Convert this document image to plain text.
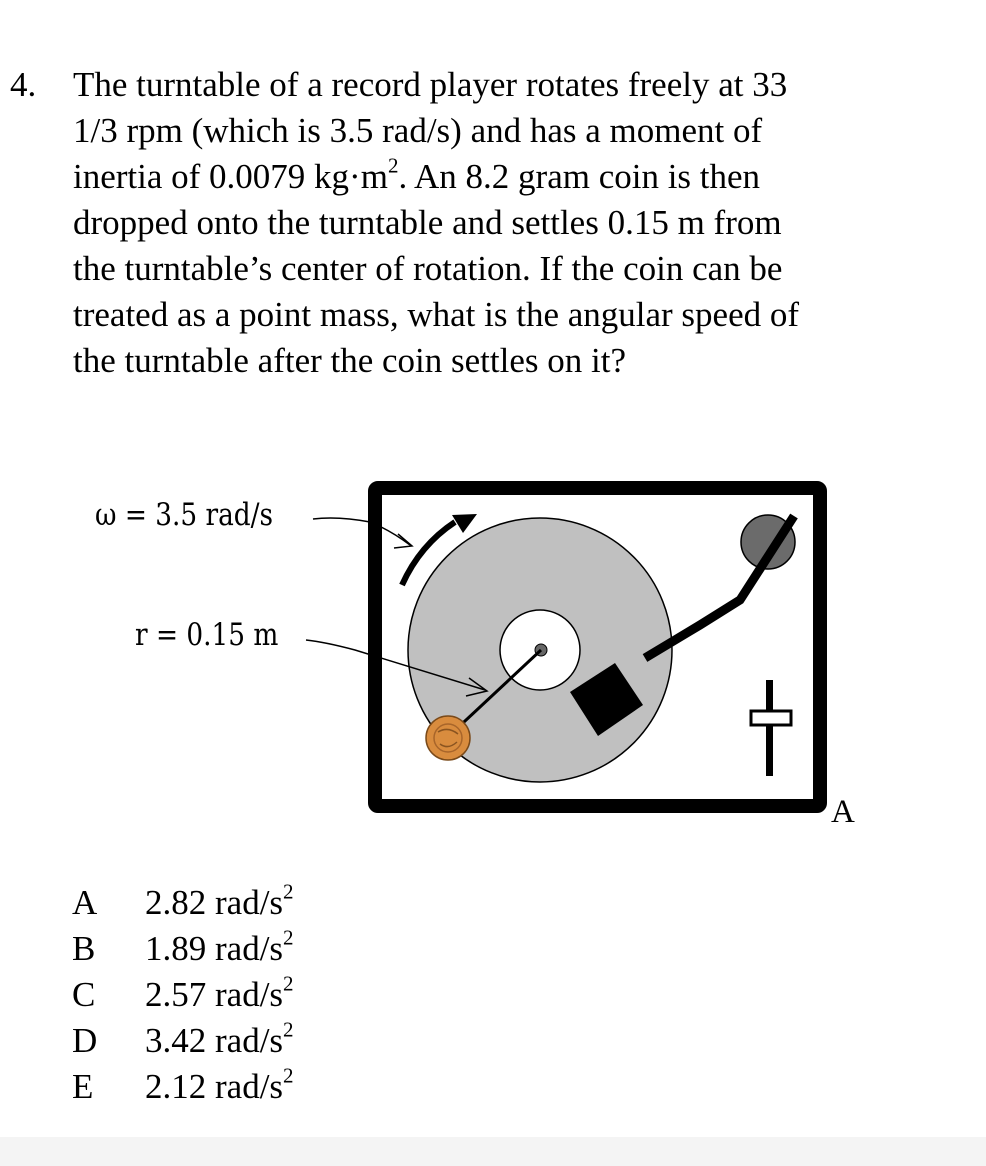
4. The turntable of a record player rotates freely at 33
1/3 rpm (which is 3.5 rad/s) and has a moment of
inertia of 0.0079 $kg\cdot m^2$. An 8.2 gram coin is then
dropped onto the turntable and settles 0.15 m from
the turntable’s center of rotation. If the coin can be
treated as a point mass, what is the angular speed of
the turntable after the coin settles on it?
ω = 3.5 rad/s
r = 0.15 m
A
A 2.82 rad/$s^2$
B 1.89 rad/$s^2$
C 2.57 rad/$s^2$
D 3.42 rad/$s^2$
E 2.12 rad/$s^2$
